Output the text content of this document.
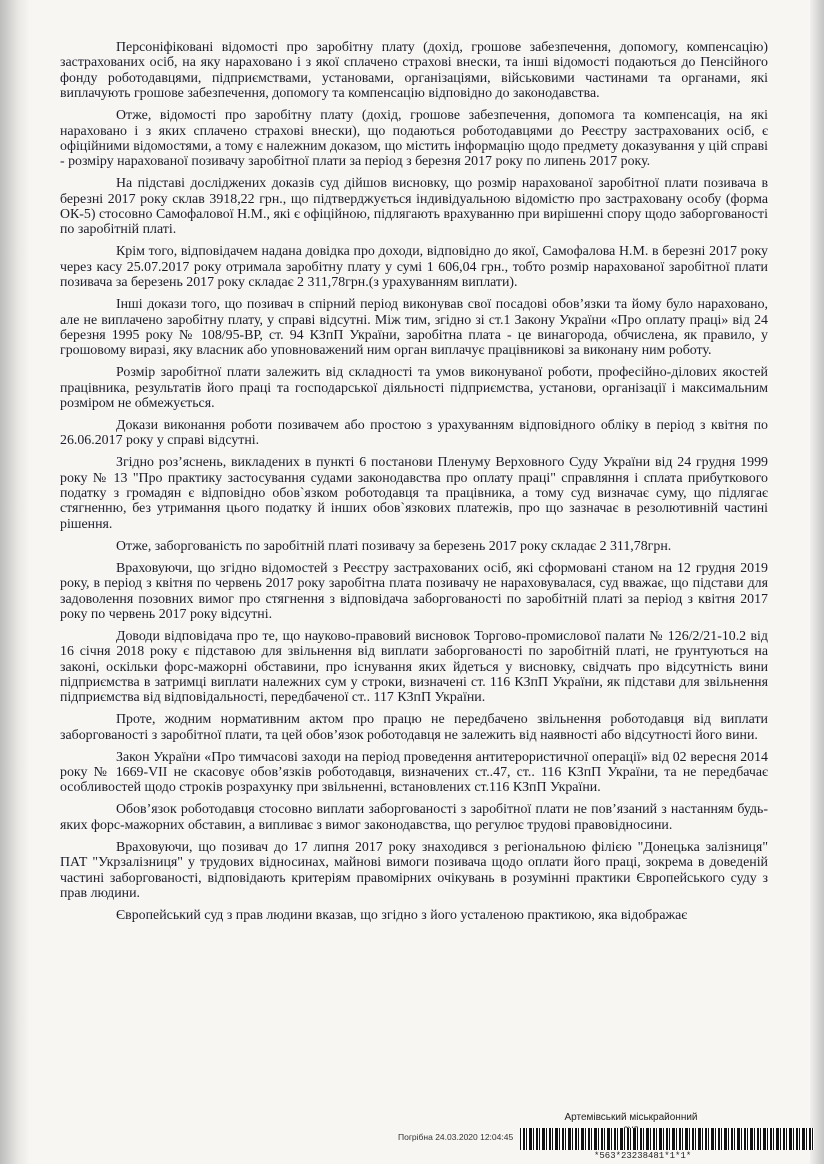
Персоніфіковані відомості про заробітну плату (дохід, грошове забезпечення, допомогу, компенсацію) застрахованих осіб, на яку нараховано і з якої сплачено страхові внески, та інші відомості подаються до Пенсійного фонду роботодавцями, підприємствами, установами, організаціями, військовими частинами та органами, які виплачують грошове забезпечення, допомогу та компенсацію відповідно до законодавства.

Отже, відомості про заробітну плату (дохід, грошове забезпечення, допомога та компенсація, на які нараховано і з яких сплачено страхові внески), що подаються роботодавцями до Реєстру застрахованих осіб, є офіційними відомостями, а тому є належним доказом, що містить інформацію щодо предмету доказування у цій справі - розміру нарахованої позивачу заробітної плати за період з березня 2017 року по липень 2017 року.

На підставі досліджених доказів суд дійшов висновку, що розмір нарахованої заробітної плати позивача в березні 2017 року склав 3918,22 грн., що підтверджується індивідуальною відомістю про застраховану особу (форма ОК-5) стосовно Самофалової Н.М., які є офіційною, підлягають врахуванню при вирішенні спору щодо заборгованості по заробітній платі.

Крім того, відповідачем надана довідка про доходи, відповідно до якої, Самофалова Н.М. в березні 2017 року через касу 25.07.2017 року отримала заробітну плату у сумі 1 606,04 грн., тобто розмір нарахованої заробітної плати позивача за березень 2017 року складає 2 311,78грн.(з урахуванням виплати).

Інші докази того, що позивач в спірний період виконував свої посадові обов’язки та йому було нараховано, але не виплачено заробітну плату, у справі відсутні. Між тим, згідно зі ст.1 Закону України «Про оплату праці» від 24 березня 1995 року № 108/95-ВР, ст. 94 КЗпП України, заробітна плата - це винагорода, обчислена, як правило, у грошовому виразі, яку власник або уповноважений ним орган виплачує працівникові за виконану ним роботу.

Розмір заробітної плати залежить від складності та умов виконуваної роботи, професійно-ділових якостей працівника, результатів його праці та господарської діяльності підприємства, установи, організації і максимальним розміром не обмежується.

Докази виконання роботи позивачем або простою з урахуванням відповідного обліку в період з квітня по 26.06.2017 року у справі відсутні.

Згідно роз’яснень, викладених в пункті 6 постанови Пленуму Верховного Суду України від 24 грудня 1999 року № 13 "Про практику застосування судами законодавства про оплату праці" справляння і сплата прибуткового податку з громадян є відповідно обов`язком роботодавця та працівника, а тому суд визначає суму, що підлягає стягненню, без утримання цього податку й інших обов`язкових платежів, про що зазначає в резолютивній частині рішення.

Отже, заборгованість по заробітній платі позивачу за березень 2017 року складає 2 311,78грн.

Враховуючи, що згідно відомостей з Реєстру застрахованих осіб, які сформовані станом на 12 грудня 2019 року, в період з квітня по червень 2017 року заробітна плата позивачу не нараховувалася, суд вважає, що підстави для задоволення позовних вимог про стягнення з відповідача заборгованості по заробітній платі за період з квітня 2017 року по червень 2017 року відсутні.

Доводи відповідача про те, що науково-правовий висновок Торгово-промислової палати № 126/2/21-10.2 від 16 січня 2018 року є підставою для звільнення від виплати заборгованості по заробітній платі, не ґрунтуються на законі, оскільки форс-мажорні обставини, про існування яких йдеться у висновку, свідчать про відсутність вини підприємства в затримці виплати належних сум у строки, визначені ст. 116 КЗпП України, як підстави для звільнення підприємства від відповідальності, передбаченої ст.. 117 КЗпП України.

Проте, жодним нормативним актом про працю не передбачено звільнення роботодавця від виплати заборгованості з заробітної плати, та цей обов’язок роботодавця не залежить від наявності або відсутності його вини.

Закон України «Про тимчасові заходи на період проведення антитерористичної операції» від 02 вересня 2014 року № 1669-VII не скасовує обов’язків роботодавця, визначених ст..47, ст.. 116 КЗпП України, та не передбачає особливостей щодо строків розрахунку при звільненні, встановлених ст.116 КЗпП України.

Обов’язок роботодавця стосовно виплати заборгованості з заробітної плати не пов’язаний з настанням будь-яких форс-мажорних обставин, а випливає з вимог законодавства, що регулює трудові правовідносини.

Враховуючи, що позивач до 17 липня 2017 року знаходився з регіональною філією "Донецька залізниця" ПАТ "Укрзалізниця" у трудових відносинах, майнові вимоги позивача щодо оплати його праці, зокрема в доведеній частині заборгованості, відповідають критеріям правомірних очікувань в розумінні практики Європейського суду з прав людини.

Європейський суд з прав людини вказав, що згідно з його усталеною практикою, яка відображає

Артемівський міськрайонний
Погрібна 24.03.2020 12:04:45
*563*23238481*1*1*
